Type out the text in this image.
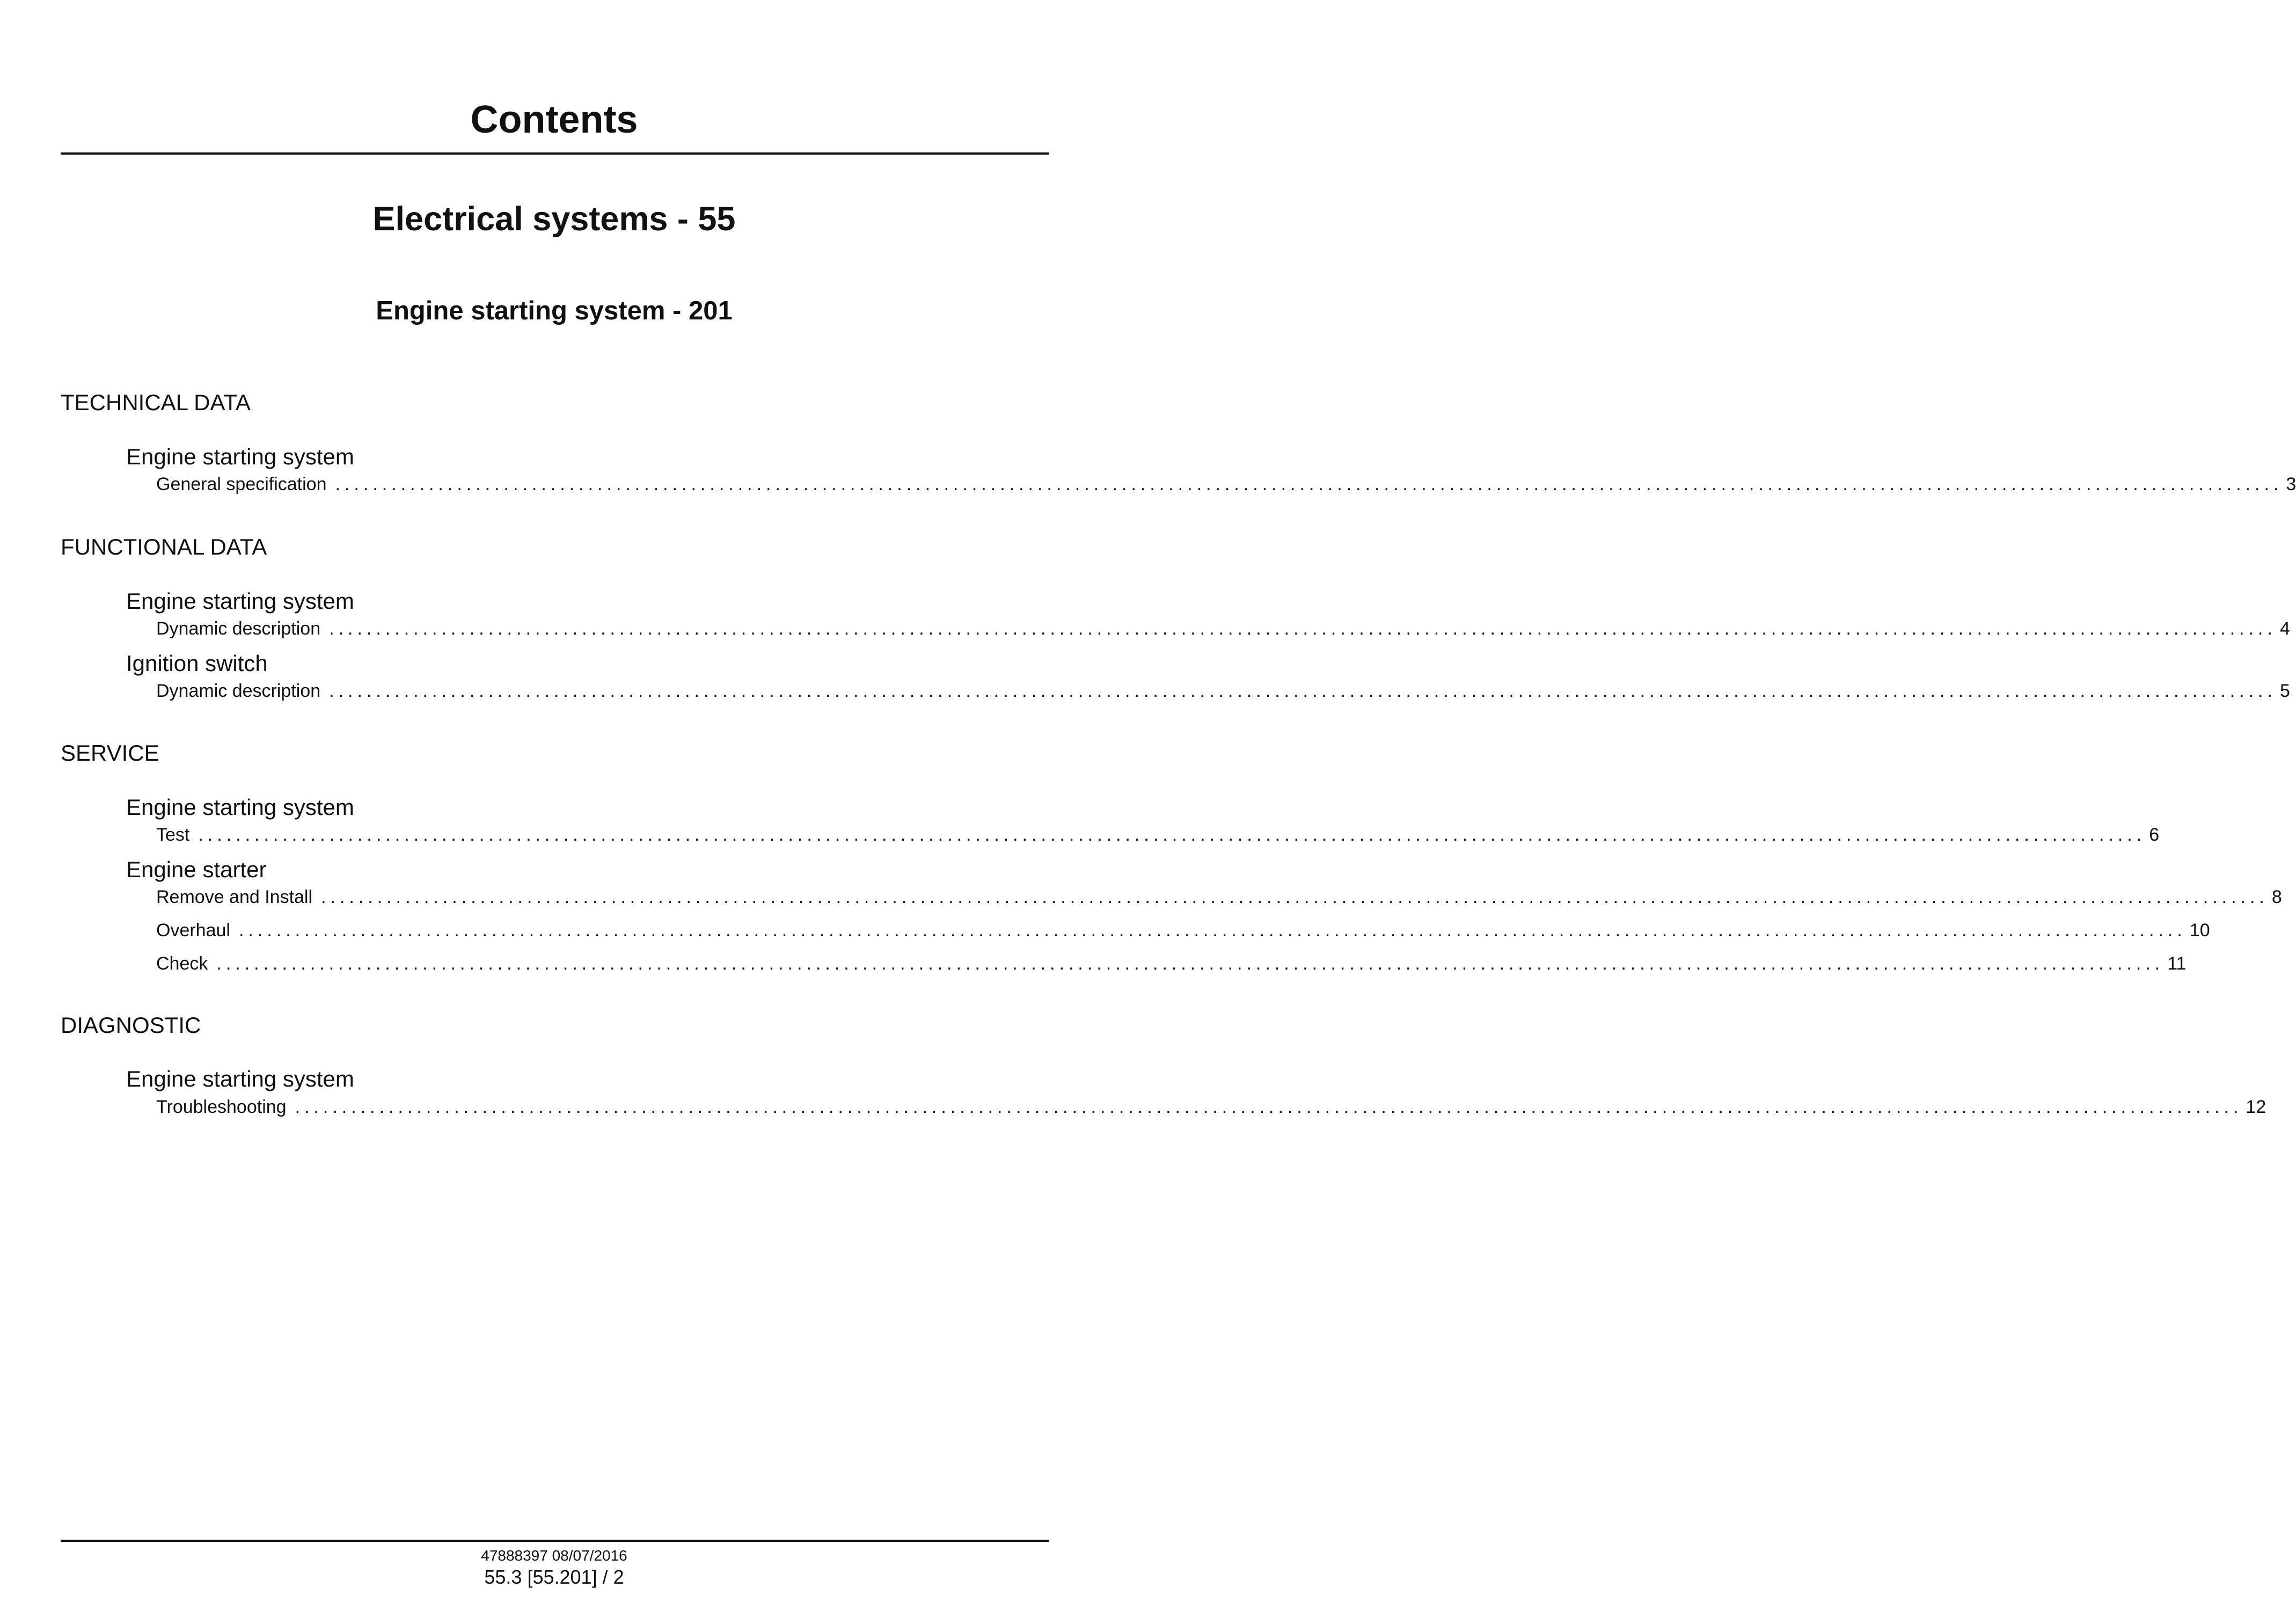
Contents
Electrical systems - 55
Engine starting system - 201
TECHNICAL DATA
Engine starting system
General specification ................................................................................................................................................................................................................ 3
FUNCTIONAL DATA
Engine starting system
Dynamic description ................................................................................................................................................................................................................ 4
Ignition switch
Dynamic description ................................................................................................................................................................................................................ 5
SERVICE
Engine starting system
Test ................................................................................................................................................................................................................ 6
Engine starter
Remove and Install ................................................................................................................................................................................................................ 8
Overhaul ................................................................................................................................................................................................................ 10
Check ................................................................................................................................................................................................................ 11
DIAGNOSTIC
Engine starting system
Troubleshooting ................................................................................................................................................................................................................ 12
47888397 08/07/2016
55.3 [55.201] / 2
